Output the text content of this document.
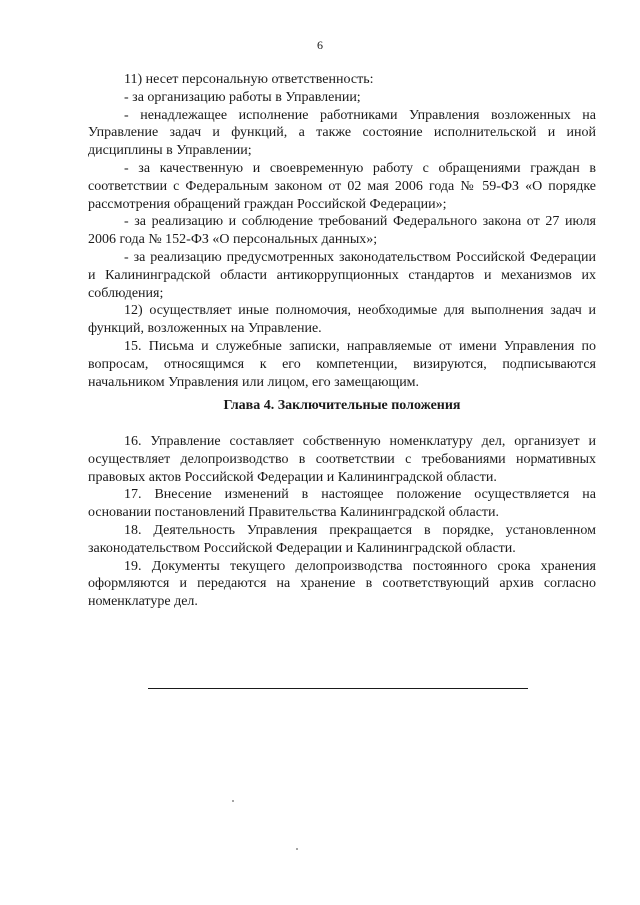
6

11) несет персональную ответственность:

- за организацию работы в Управлении;

- ненадлежащее исполнение работниками Управления возложенных на Управление задач и функций, а также состояние исполнительской и иной дисциплины в Управлении;

- за качественную и своевременную работу с обращениями граждан в соответствии с Федеральным законом от 02 мая 2006 года № 59-ФЗ «О порядке рассмотрения обращений граждан Российской Федерации»;

- за реализацию и соблюдение требований Федерального закона от 27 июля 2006 года № 152-ФЗ «О персональных данных»;

- за реализацию предусмотренных законодательством Российской Федерации и Калининградской области антикоррупционных стандартов и механизмов их соблюдения;

12) осуществляет иные полномочия, необходимые для выполнения задач и функций, возложенных на Управление.

15. Письма и служебные записки, направляемые от имени Управления по вопросам, относящимся к его компетенции, визируются, подписываются начальником Управления или лицом, его замещающим.

Глава 4. Заключительные положения

16. Управление составляет собственную номенклатуру дел, организует и осуществляет делопроизводство в соответствии с требованиями нормативных правовых актов Российской Федерации и Калининградской области.

17. Внесение изменений в настоящее положение осуществляется на основании постановлений Правительства Калининградской области.

18. Деятельность Управления прекращается в порядке, установленном законодательством Российской Федерации и Калининградской области.

19. Документы текущего делопроизводства постоянного срока хранения оформляются и передаются на хранение в соответствующий архив согласно номенклатуре дел.
